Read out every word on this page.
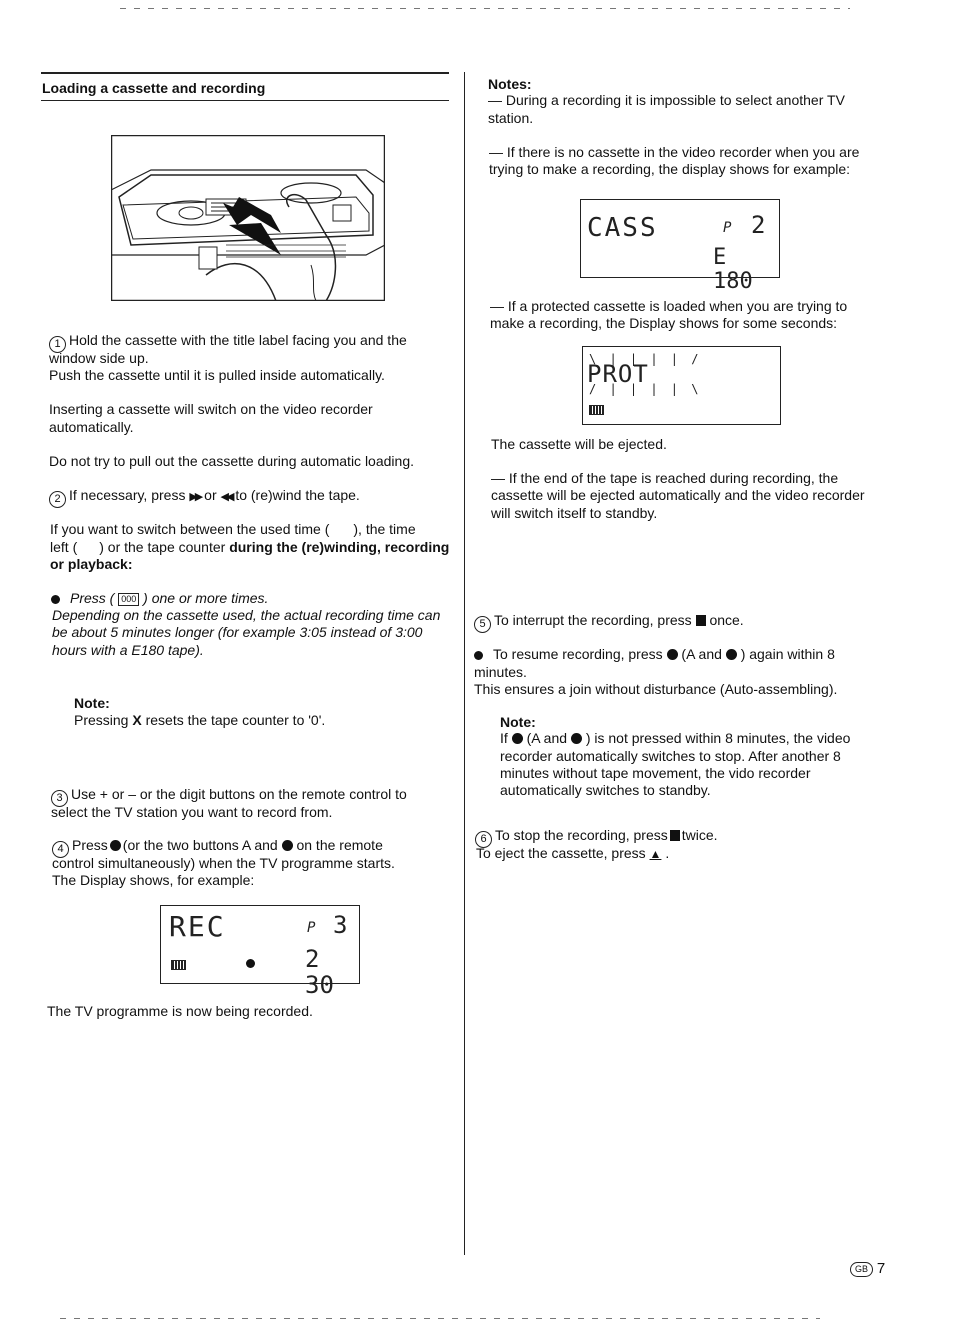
Loading a cassette and recording

1 Hold the cassette with the title label facing you and the

window side up.

Push the cassette until it is pulled inside automatically.

Inserting a cassette will switch on the video recorder

automatically.

Do not try to pull out the cassette during automatic loading.

2 If necessary, press ▶▶ or ◀◀ to (re)wind the tape.

If you want to switch between the used time ( ), the time

left ( ) or the tape counter during the (re)winding, recording

or playback:

Press ( 000 ) one or more times.

Depending on the cassette used, the actual recording time can

be about 5 minutes longer (for example 3:05 instead of 3:00

hours with a E180 tape).

Note:

Pressing X resets the tape counter to '0'.

3 Use + or – or the digit buttons on the remote control to

select the TV station you want to record from.

4 Press (or the two buttons A and on the remote

control simultaneously) when the TV programme starts.

The Display shows, for example:

REC	P 3
2 30

The TV programme is now being recorded.

Notes:

— During a recording it is impossible to select another TV

station.

— If there is no cassette in the video recorder when you are

trying to make a recording, the display shows for example:

CASS	P 2
E 180

— If a protected cassette is loaded when you are trying to

make a recording, the Display shows for some seconds:

\ | | | | /
PROT
/ | | | | \

The cassette will be ejected.

— If the end of the tape is reached during recording, the

cassette will be ejected automatically and the video recorder

will switch itself to standby.

5 To interrupt the recording, press once.

To resume recording, press (A and ) again within 8

minutes.

This ensures a join without disturbance (Auto-assembling).

Note:

If (A and ) is not pressed within 8 minutes, the video

recorder automatically switches to stop. After another 8

minutes without tape movement, the vido recorder

automatically switches to standby.

6 To stop the recording, press twice.

To eject the cassette, press ▲ .

GB 7
